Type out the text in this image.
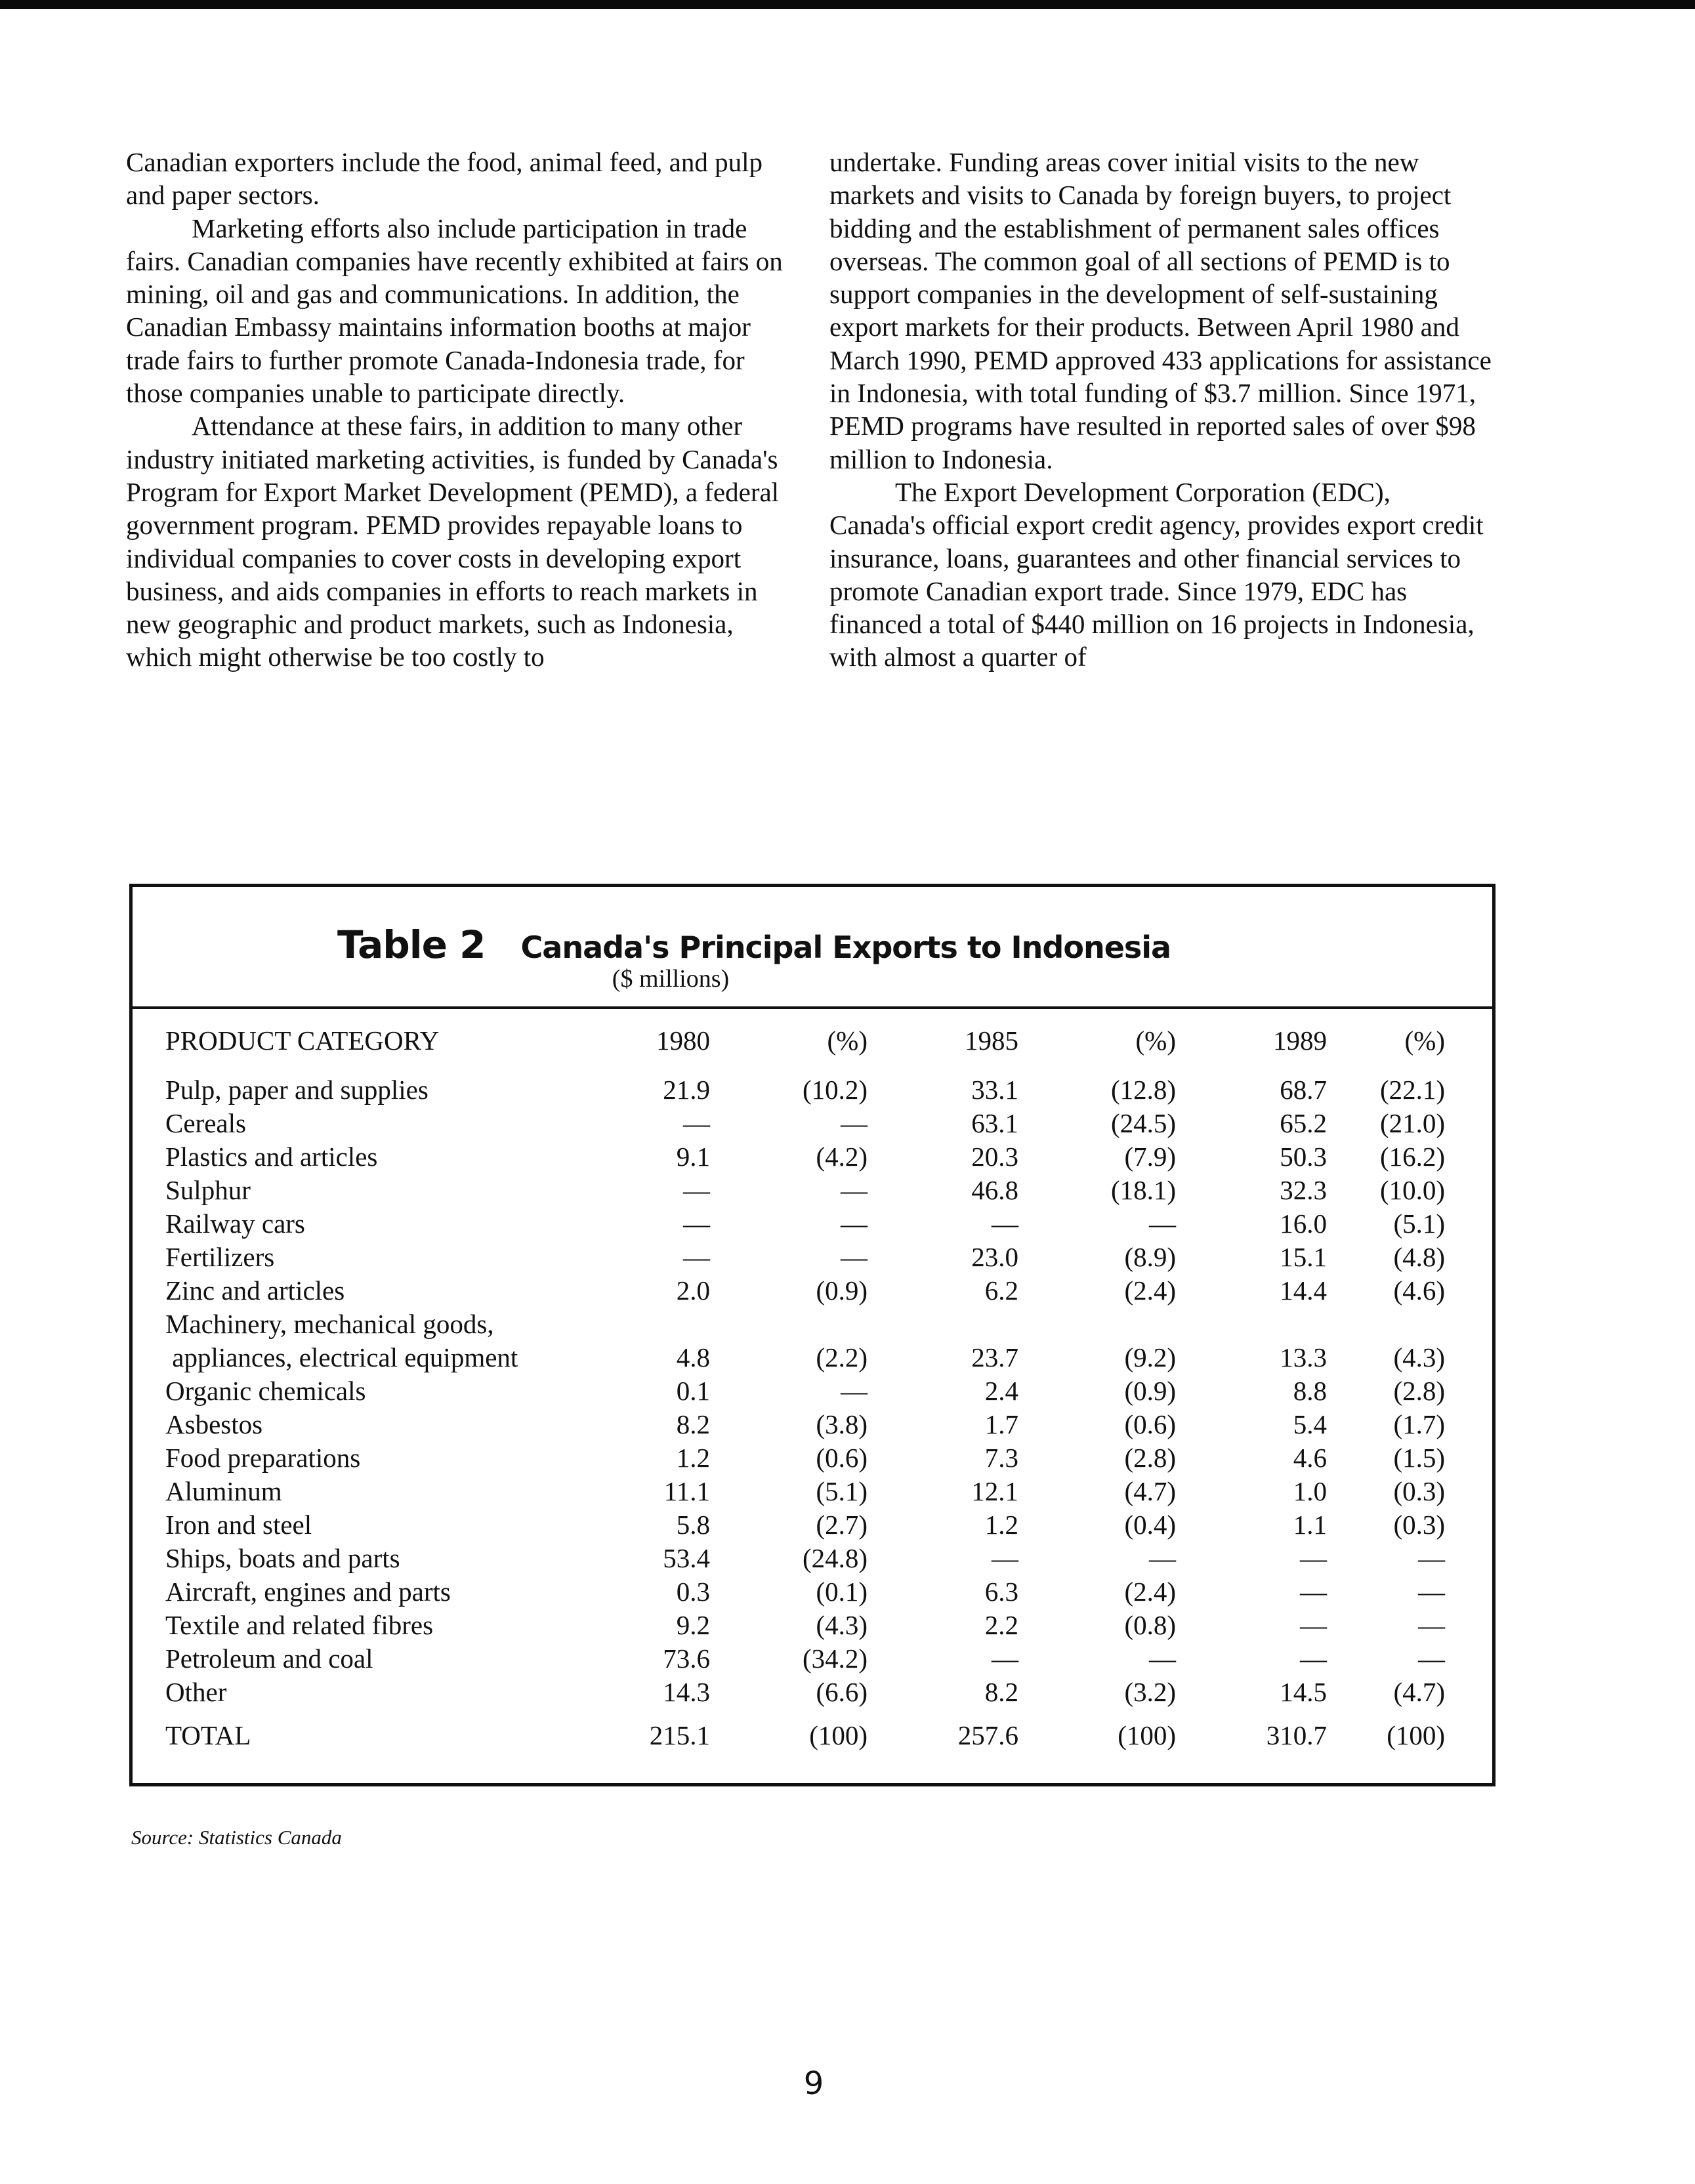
Canadian exporters include the food, animal feed, and pulp and paper sectors.

Marketing efforts also include participation in trade fairs. Canadian companies have recently exhibited at fairs on mining, oil and gas and communications. In addition, the Canadian Embassy maintains information booths at major trade fairs to further promote Canada-Indonesia trade, for those companies unable to participate directly.

Attendance at these fairs, in addition to many other industry initiated marketing activities, is funded by Canada's Program for Export Market Development (PEMD), a federal government program. PEMD provides repayable loans to individual companies to cover costs in developing export business, and aids companies in efforts to reach markets in new geographic and product markets, such as Indonesia, which might otherwise be too costly to

undertake. Funding areas cover initial visits to the new markets and visits to Canada by foreign buyers, to project bidding and the establishment of permanent sales offices overseas. The common goal of all sections of PEMD is to support companies in the development of self-sustaining export markets for their products. Between April 1980 and March 1990, PEMD approved 433 applications for assistance in Indonesia, with total funding of $3.7 million. Since 1971, PEMD programs have resulted in reported sales of over $98 million to Indonesia.

The Export Development Corporation (EDC), Canada's official export credit agency, provides export credit insurance, loans, guarantees and other financial services to promote Canadian export trade. Since 1979, EDC has financed a total of $440 million on 16 projects in Indonesia, with almost a quarter of

Table 2 Canada's Principal Exports to Indonesia
($ millions)
PRODUCT CATEGORY	1980	(%)	1985	(%)	1989	(%)
Pulp, paper and supplies	21.9	(10.2)	33.1	(12.8)	68.7	(22.1)
Cereals	—	—	63.1	(24.5)	65.2	(21.0)
Plastics and articles	9.1	(4.2)	20.3	(7.9)	50.3	(16.2)
Sulphur	—	—	46.8	(18.1)	32.3	(10.0)
Railway cars	—	—	—	—	16.0	(5.1)
Fertilizers	—	—	23.0	(8.9)	15.1	(4.8)
Zinc and articles	2.0	(0.9)	6.2	(2.4)	14.4	(4.6)
Machinery, mechanical goods,						
appliances, electrical equipment	4.8	(2.2)	23.7	(9.2)	13.3	(4.3)
Organic chemicals	0.1	—	2.4	(0.9)	8.8	(2.8)
Asbestos	8.2	(3.8)	1.7	(0.6)	5.4	(1.7)
Food preparations	1.2	(0.6)	7.3	(2.8)	4.6	(1.5)
Aluminum	11.1	(5.1)	12.1	(4.7)	1.0	(0.3)
Iron and steel	5.8	(2.7)	1.2	(0.4)	1.1	(0.3)
Ships, boats and parts	53.4	(24.8)	—	—	—	—
Aircraft, engines and parts	0.3	(0.1)	6.3	(2.4)	—	—
Textile and related fibres	9.2	(4.3)	2.2	(0.8)	—	—
Petroleum and coal	73.6	(34.2)	—	—	—	—
Other	14.3	(6.6)	8.2	(3.2)	14.5	(4.7)
TOTAL	215.1	(100)	257.6	(100)	310.7	(100)
Source: Statistics Canada
9
